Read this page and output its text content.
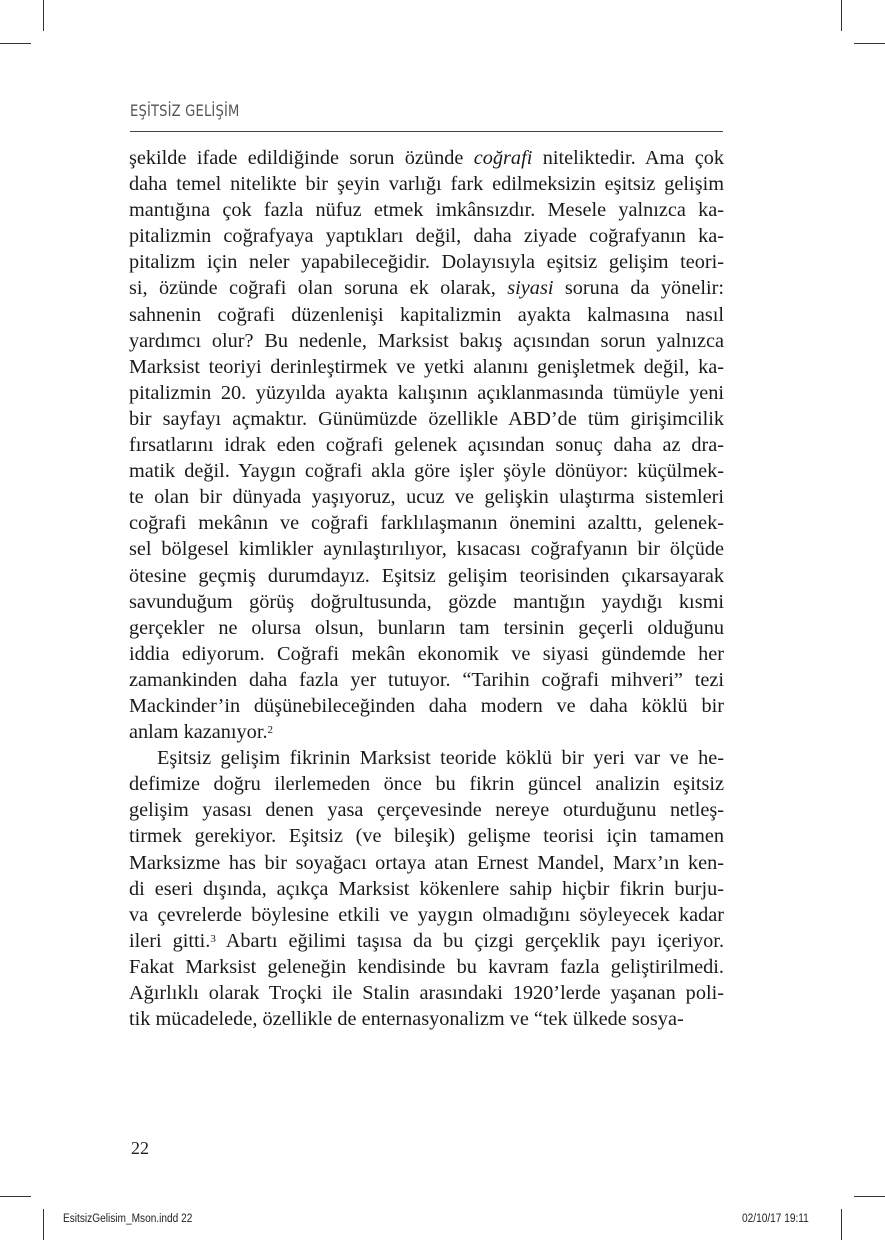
EŞİTSİZ GELİŞİM
şekilde ifade edildiğinde sorun özünde coğrafi niteliktedir. Ama çok
daha temel nitelikte bir şeyin varlığı fark edilmeksizin eşitsiz gelişim
mantığına çok fazla nüfuz etmek imkânsızdır. Mesele yalnızca ka-
pitalizmin coğrafyaya yaptıkları değil, daha ziyade coğrafyanın ka-
pitalizm için neler yapabileceğidir. Dolayısıyla eşitsiz gelişim teori-
si, özünde coğrafi olan soruna ek olarak, siyasi soruna da yönelir:
sahnenin coğrafi düzenlenişi kapitalizmin ayakta kalmasına nasıl
yardımcı olur? Bu nedenle, Marksist bakış açısından sorun yalnızca
Marksist teoriyi derinleştirmek ve yetki alanını genişletmek değil, ka-
pitalizmin 20. yüzyılda ayakta kalışının açıklanmasında tümüyle yeni
bir sayfayı açmaktır. Günümüzde özellikle ABD’de tüm girişimcilik
fırsatlarını idrak eden coğrafi gelenek açısından sonuç daha az dra-
matik değil. Yaygın coğrafi akla göre işler şöyle dönüyor: küçülmek-
te olan bir dünyada yaşıyoruz, ucuz ve gelişkin ulaştırma sistemleri
coğrafi mekânın ve coğrafi farklılaşmanın önemini azalttı, gelenek-
sel bölgesel kimlikler aynılaştırılıyor, kısacası coğrafyanın bir ölçüde
ötesine geçmiş durumdayız. Eşitsiz gelişim teorisinden çıkarsayarak
savunduğum görüş doğrultusunda, gözde mantığın yaydığı kısmi
gerçekler ne olursa olsun, bunların tam tersinin geçerli olduğunu
iddia ediyorum. Coğrafi mekân ekonomik ve siyasi gündemde her
zamankinden daha fazla yer tutuyor. “Tarihin coğrafi mihveri” tezi
Mackinder’in düşünebileceğinden daha modern ve daha köklü bir
anlam kazanıyor.$^2$
Eşitsiz gelişim fikrinin Marksist teoride köklü bir yeri var ve he-
defimize doğru ilerlemeden önce bu fikrin güncel analizin eşitsiz
gelişim yasası denen yasa çerçevesinde nereye oturduğunu netleş-
tirmek gerekiyor. Eşitsiz (ve bileşik) gelişme teorisi için tamamen
Marksizme has bir soyağacı ortaya atan Ernest Mandel, Marx’ın ken-
di eseri dışında, açıkça Marksist kökenlere sahip hiçbir fikrin burju-
va çevrelerde böylesine etkili ve yaygın olmadığını söyleyecek kadar
ileri gitti.$^3$ Abartı eğilimi taşısa da bu çizgi gerçeklik payı içeriyor.
Fakat Marksist geleneğin kendisinde bu kavram fazla geliştirilmedi.
Ağırlıklı olarak Troçki ile Stalin arasındaki 1920’lerde yaşanan poli-
tik mücadelede, özellikle de enternasyonalizm ve “tek ülkede sosya-
22
EsitsizGelisim_Mson.indd 22	02/10/17 19:11
